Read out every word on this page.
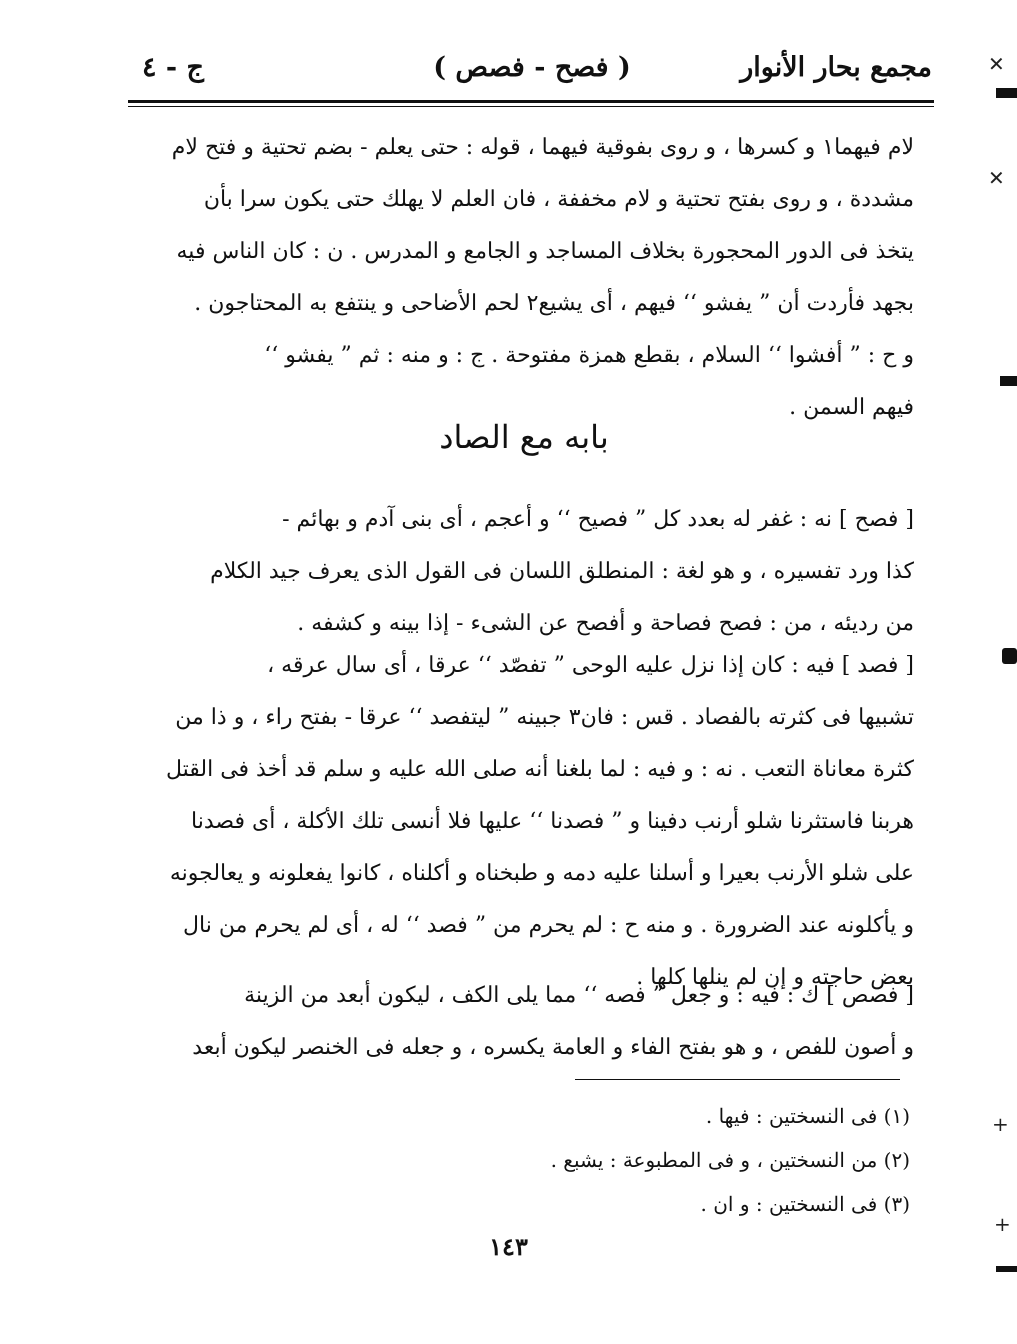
مجمع بحار الأنوار
( فصح - فصص )
ج - ٤
لام فيهما١ و كسرها ، و روى بفوقية فيهما ، قوله : حتى يعلم - بضم تحتية و فتح لام
مشددة ، و روى بفتح تحتية و لام مخففة ، فان العلم لا يهلك حتى يكون سرا بأن
يتخذ فى الدور المحجورة بخلاف المساجد و الجامع و المدرس . ن : كان الناس فيه
بجهد فأردت أن ” يفشو ‘‘ فيهم ، أى يشيع٢ لحم الأضاحى و ينتفع به المحتاجون .
و ح : ” أفشوا ‘‘ السلام ، بقطع همزة مفتوحة . ج : و منه : ثم ” يفشو ‘‘
فيهم السمن .
بابه مع الصاد
[ فصح ] نه : غفر له بعدد كل ” فصيح ‘‘ و أعجم ، أى بنى آدم و بهائم -
كذا ورد تفسيره ، و هو لغة : المنطلق اللسان فى القول الذى يعرف جيد الكلام
من رديئه ، من : فصح فصاحة و أفصح عن الشىء - إذا بينه و كشفه .
[ فصد ] فيه : كان إذا نزل عليه الوحى ” تفصّد ‘‘ عرقا ، أى سال عرقه ،
تشبيها فى كثرته بالفصاد . قس : فان٣ جبينه ” ليتفصد ‘‘ عرقا - بفتح راء ، و ذا من
كثرة معاناة التعب . نه : و فيه : لما بلغنا أنه صلى الله عليه و سلم قد أخذ فى القتل
هربنا فاستثرنا شلو أرنب دفينا و ” فصدنا ‘‘ عليها فلا أنسى تلك الأكلة ، أى فصدنا
على شلو الأرنب بعيرا و أسلنا عليه دمه و طبخناه و أكلناه ، كانوا يفعلونه و يعالجونه
و يأكلونه عند الضرورة . و منه ح : لم يحرم من ” فصد ‘‘ له ، أى لم يحرم من نال
بعض حاجته و إن لم ينلها كلها .
[ فصص ] ك : فيه : و جعل ” فصه ‘‘ مما يلى الكف ، ليكون أبعد من الزينة
و أصون للفص ، و هو بفتح الفاء و العامة يكسره ، و جعله فى الخنصر ليكون أبعد
(١) فى النسختين : فيها .
(٢) من النسختين ، و فى المطبوعة : يشبع .
(٣) فى النسختين : و ان .
١٤٣
✕
✕
+
+
